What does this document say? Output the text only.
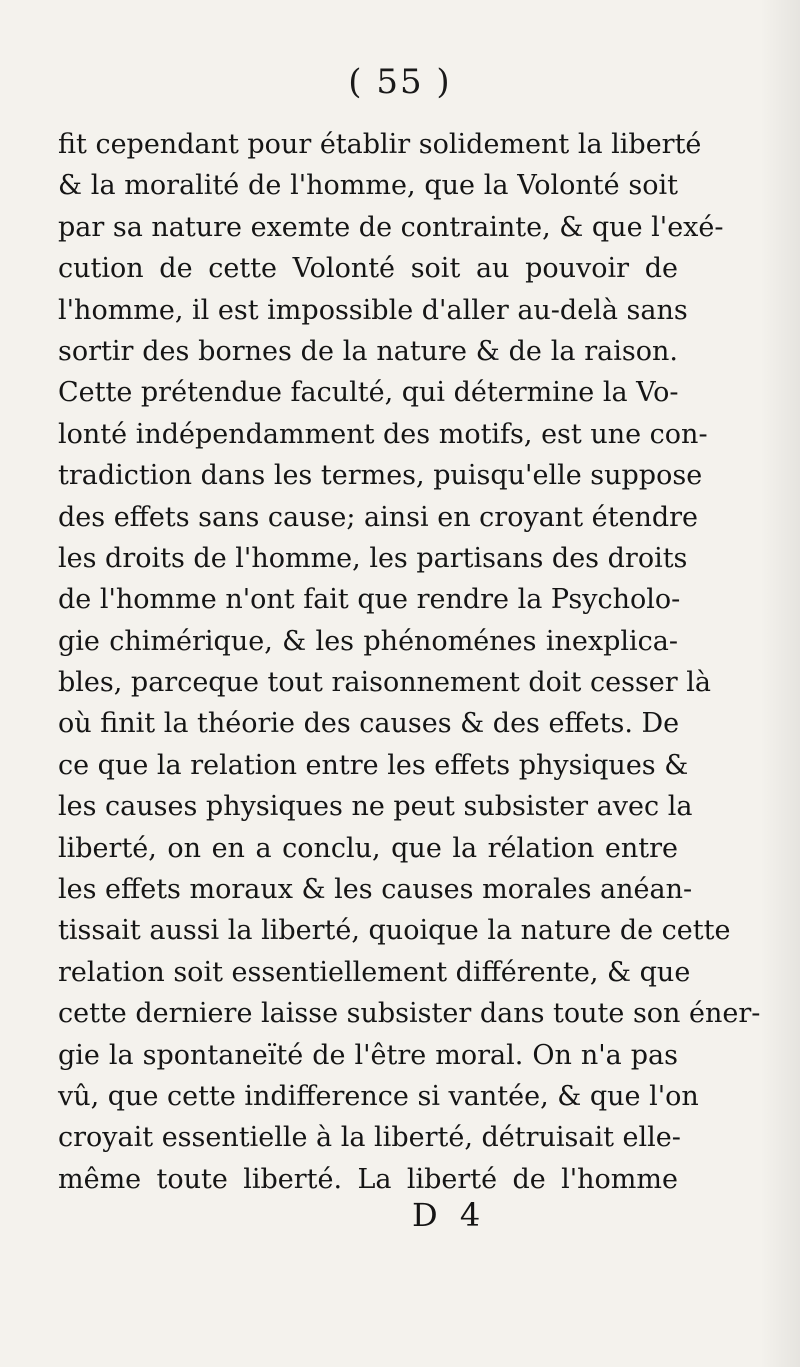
( 55 )
fit cependant pour établir solidement la liberté
& la moralité de l'homme, que la Volonté soit
par sa nature exemte de contrainte, & que l'exé-
cution de cette Volonté soit au pouvoir de
l'homme, il est impossible d'aller au-delà sans
sortir des bornes de la nature & de la raison.
Cette prétendue faculté, qui détermine la Vo-
lonté indépendamment des motifs, est une con-
tradiction dans les termes, puisqu'elle suppose
des effets sans cause; ainsi en croyant étendre
les droits de l'homme, les partisans des droits
de l'homme n'ont fait que rendre la Psycholo-
gie chimérique, & les phénoménes inexplica-
bles, parceque tout raisonnement doit cesser là
où finit la théorie des causes & des effets. De
ce que la relation entre les effets physiques &
les causes physiques ne peut subsister avec la
liberté, on en a conclu, que la rélation entre
les effets moraux & les causes morales anéan-
tissait aussi la liberté, quoique la nature de cette
relation soit essentiellement différente, & que
cette derniere laisse subsister dans toute son éner-
gie la spontaneïté de l'être moral. On n'a pas
vû, que cette indifference si vantée, & que l'on
croyait essentielle à la liberté, détruisait elle-
même toute liberté. La liberté de l'homme
D 4
